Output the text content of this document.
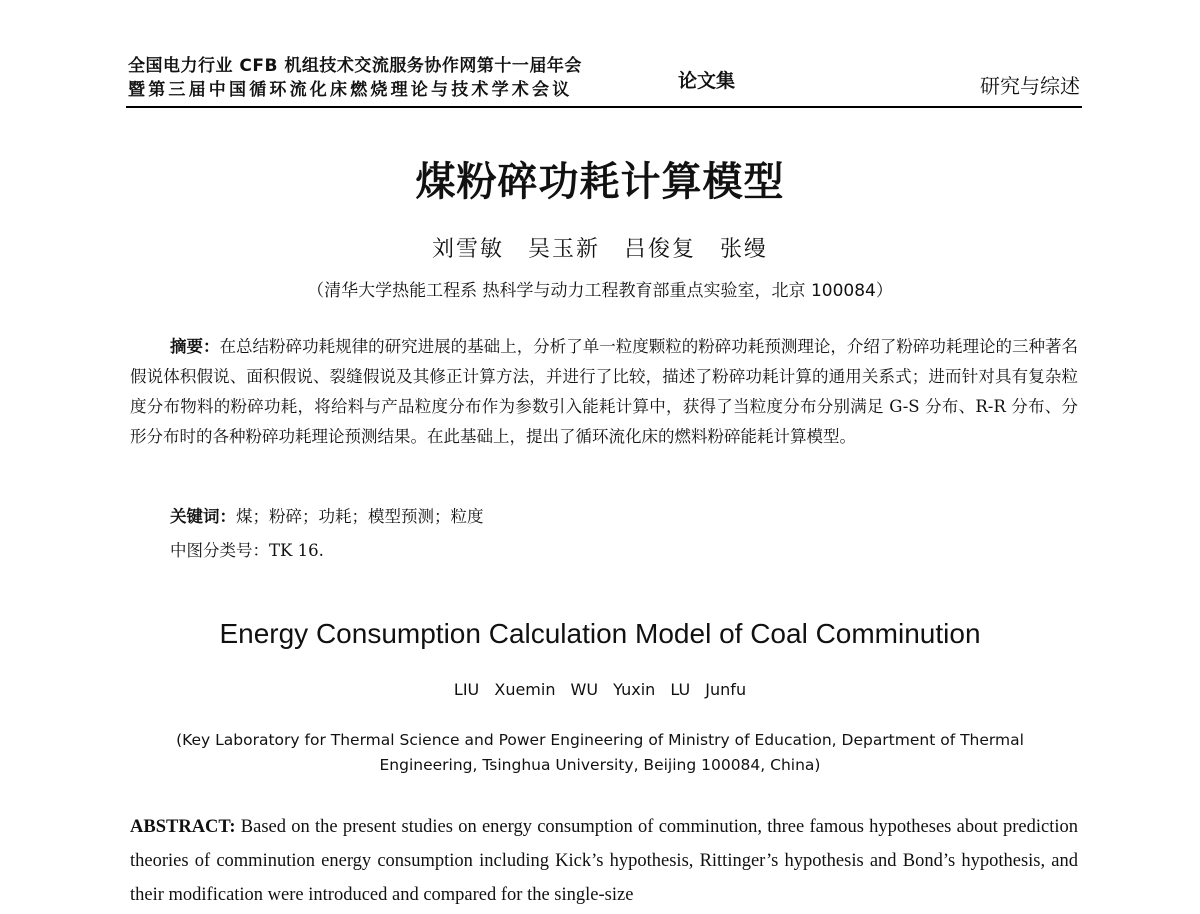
全国电力行业 CFB 机组技术交流服务协作网第十一届年会
暨第三届中国循环流化床燃烧理论与技术学术会议	论文集	研究与综述
煤粉碎功耗计算模型
刘雪敏　吴玉新　吕俊复　张缦
（清华大学热能工程系 热科学与动力工程教育部重点实验室，北京 100084）

摘要：在总结粉碎功耗规律的研究进展的基础上，分析了单一粒度颗粒的粉碎功耗预测理论，介绍了粉碎功耗理论的三种著名假说体积假说、面积假说、裂缝假说及其修正计算方法，并进行了比较，描述了粉碎功耗计算的通用关系式；进而针对具有复杂粒度分布物料的粉碎功耗，将给料与产品粒度分布作为参数引入能耗计算中，获得了当粒度分布分别满足 G-S 分布、R-R 分布、分形分布时的各种粉碎功耗理论预测结果。在此基础上，提出了循环流化床的燃料粉碎能耗计算模型。

关键词：煤；粉碎；功耗；模型预测；粒度
中图分类号：TK 16.
Energy Consumption Calculation Model of Coal Comminution
LIU Xuemin WU Yuxin LU Junfu
(Key Laboratory for Thermal Science and Power Engineering of Ministry of Education, Department of Thermal Engineering, Tsinghua University, Beijing 100084, China)
ABSTRACT: Based on the present studies on energy consumption of comminution, three famous hypotheses about prediction theories of comminution energy consumption including Kick’s hypothesis, Rittinger’s hypothesis and Bond’s hypothesis, and their modification were introduced and compared for the single-size
